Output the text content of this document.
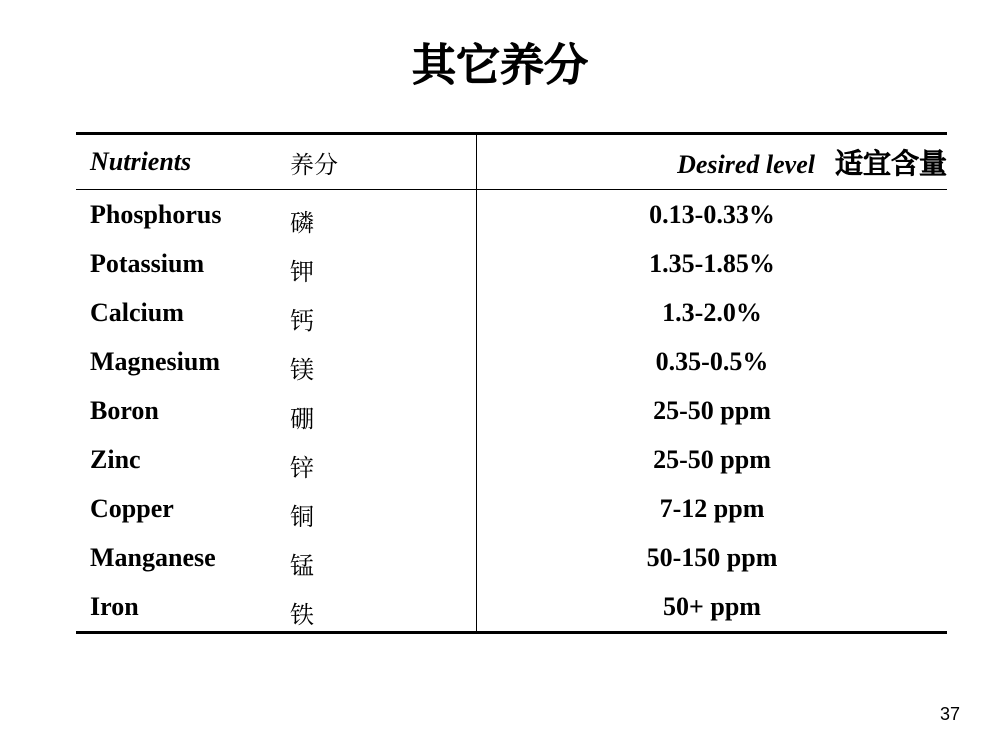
其它养分
Nutrients	养分	Desired level 适宜含量
Phosphorus	磷	0.13-0.33%
Potassium	钾	1.35-1.85%
Calcium	钙	1.3-2.0%
Magnesium	镁	0.35-0.5%
Boron	硼	25-50 ppm
Zinc	锌	25-50 ppm
Copper	铜	7-12 ppm
Manganese	锰	50-150 ppm
Iron	铁	50+ ppm
37
